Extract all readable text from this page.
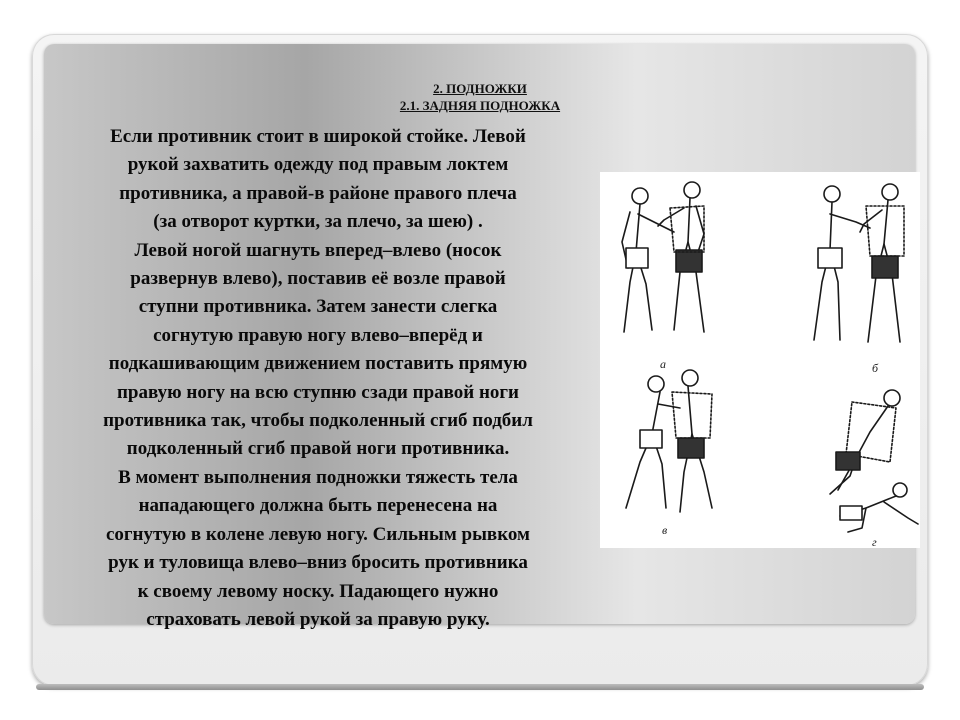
2. ПОДНОЖКИ
2.1. ЗАДНЯЯ ПОДНОЖКА
Если противник стоит в широкой стойке. Левой
рукой захватить одежду под правым локтем
противника, а правой-в районе правого плеча
(за отворот куртки, за плечо, за шею) .
Левой ногой шагнуть вперед–влево (носок
развернув влево), поставив её возле правой
ступни противника. Затем занести слегка
согнутую правую ногу влево–вперёд и
подкашивающим движением поставить прямую
правую ногу на всю ступню сзади правой ноги
противника так, чтобы подколенный сгиб подбил
подколенный сгиб правой ноги противника.
В момент выполнения подножки тяжесть тела
нападающего должна быть перенесена на
согнутую в колене левую ногу. Сильным рывком
рук и туловища влево–вниз бросить противника
к своему левому носку. Падающего нужно
страховать левой рукой за правую руку.
а	б
в
г
